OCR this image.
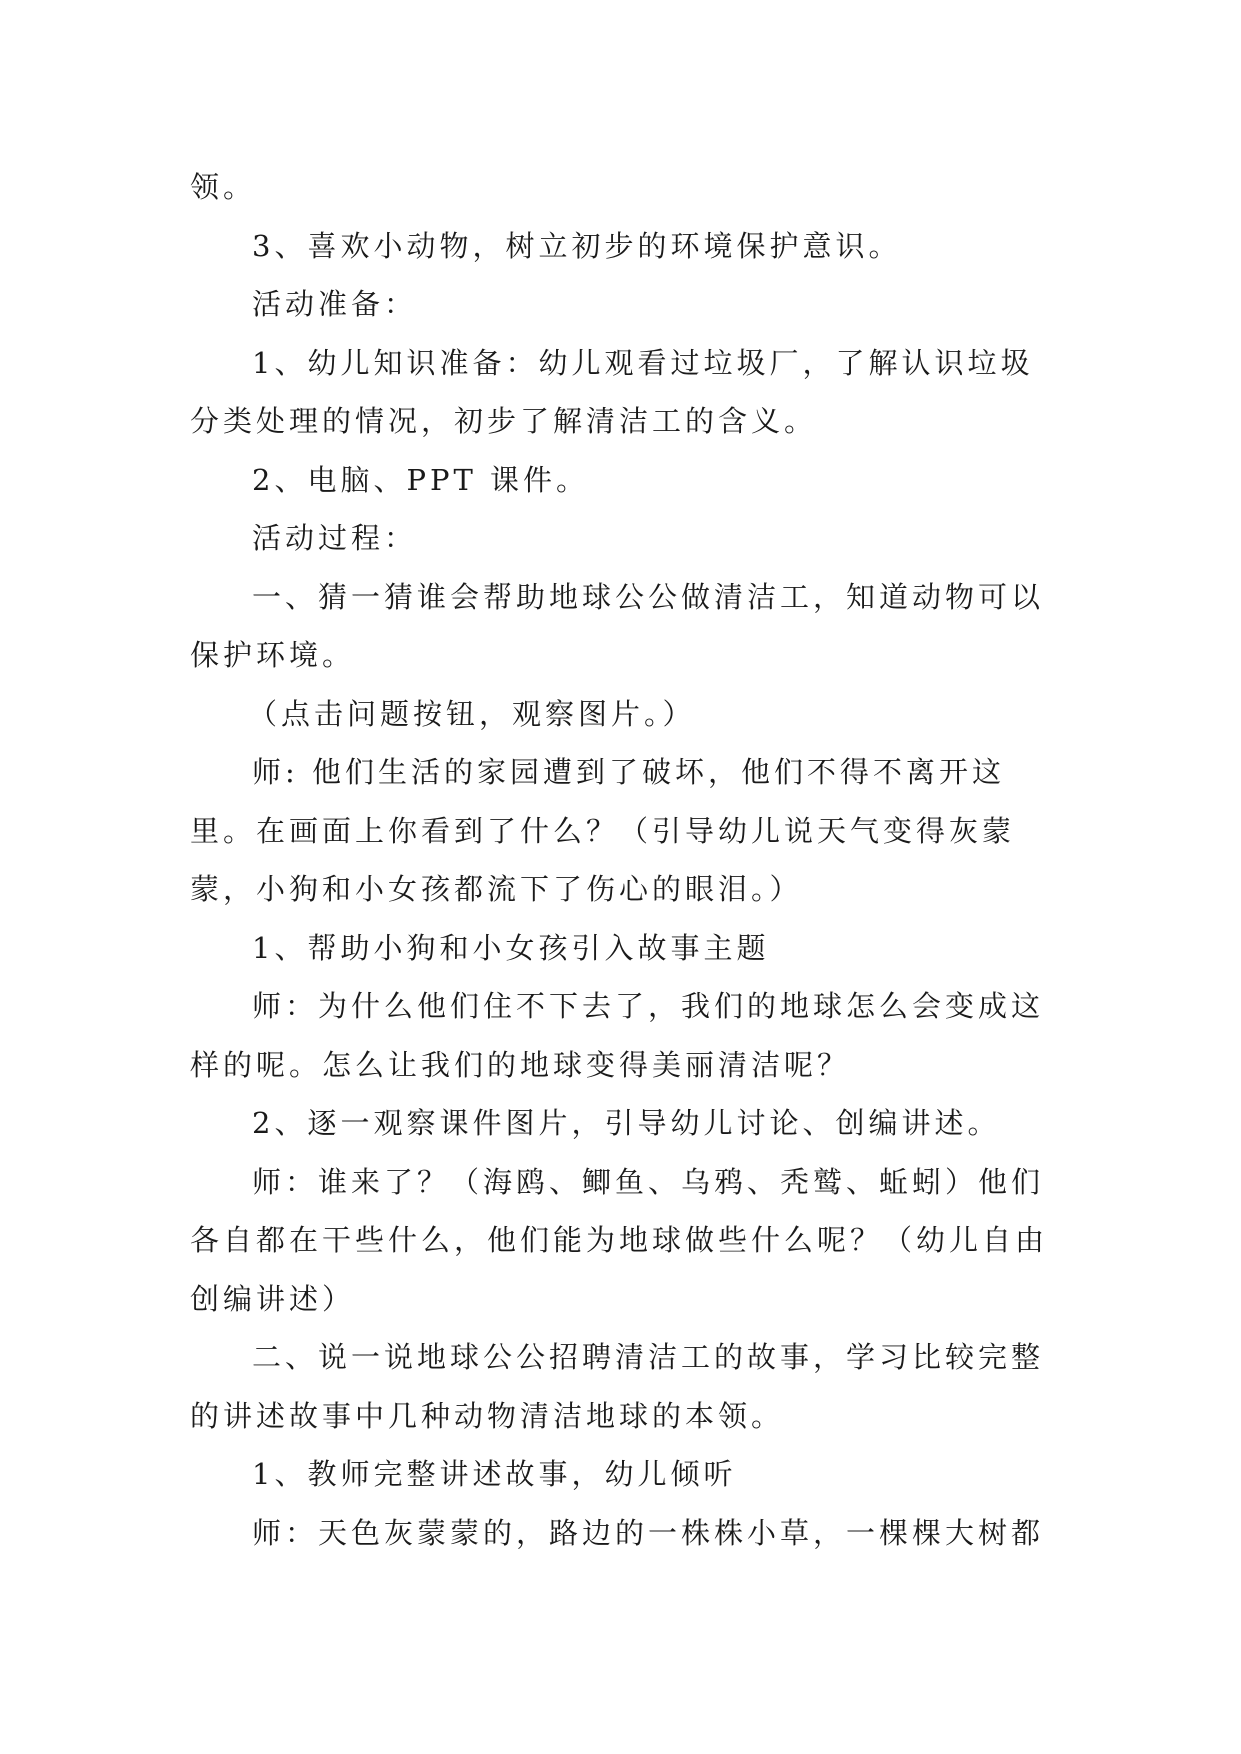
领。

3、喜欢小动物，树立初步的环境保护意识。

活动准备：

1、幼儿知识准备：幼儿观看过垃圾厂，了解认识垃圾分类处理的情况，初步了解清洁工的含义。

2、电脑、PPT 课件。

活动过程：

一、猜一猜谁会帮助地球公公做清洁工，知道动物可以保护环境。

（点击问题按钮，观察图片。）

师: 他们生活的家园遭到了破坏，他们不得不离开这里。在画面上你看到了什么？（引导幼儿说天气变得灰蒙蒙，小狗和小女孩都流下了伤心的眼泪。）

1、帮助小狗和小女孩引入故事主题

师：为什么他们住不下去了，我们的地球怎么会变成这样的呢。怎么让我们的地球变得美丽清洁呢？

2、逐一观察课件图片，引导幼儿讨论、创编讲述。

师：谁来了？（海鸥、鲫鱼、乌鸦、秃鹫、蚯蚓）他们各自都在干些什么，他们能为地球做些什么呢？（幼儿自由创编讲述）

二、说一说地球公公招聘清洁工的故事，学习比较完整的讲述故事中几种动物清洁地球的本领。

1、教师完整讲述故事，幼儿倾听

师：天色灰蒙蒙的，路边的一株株小草，一棵棵大树都
